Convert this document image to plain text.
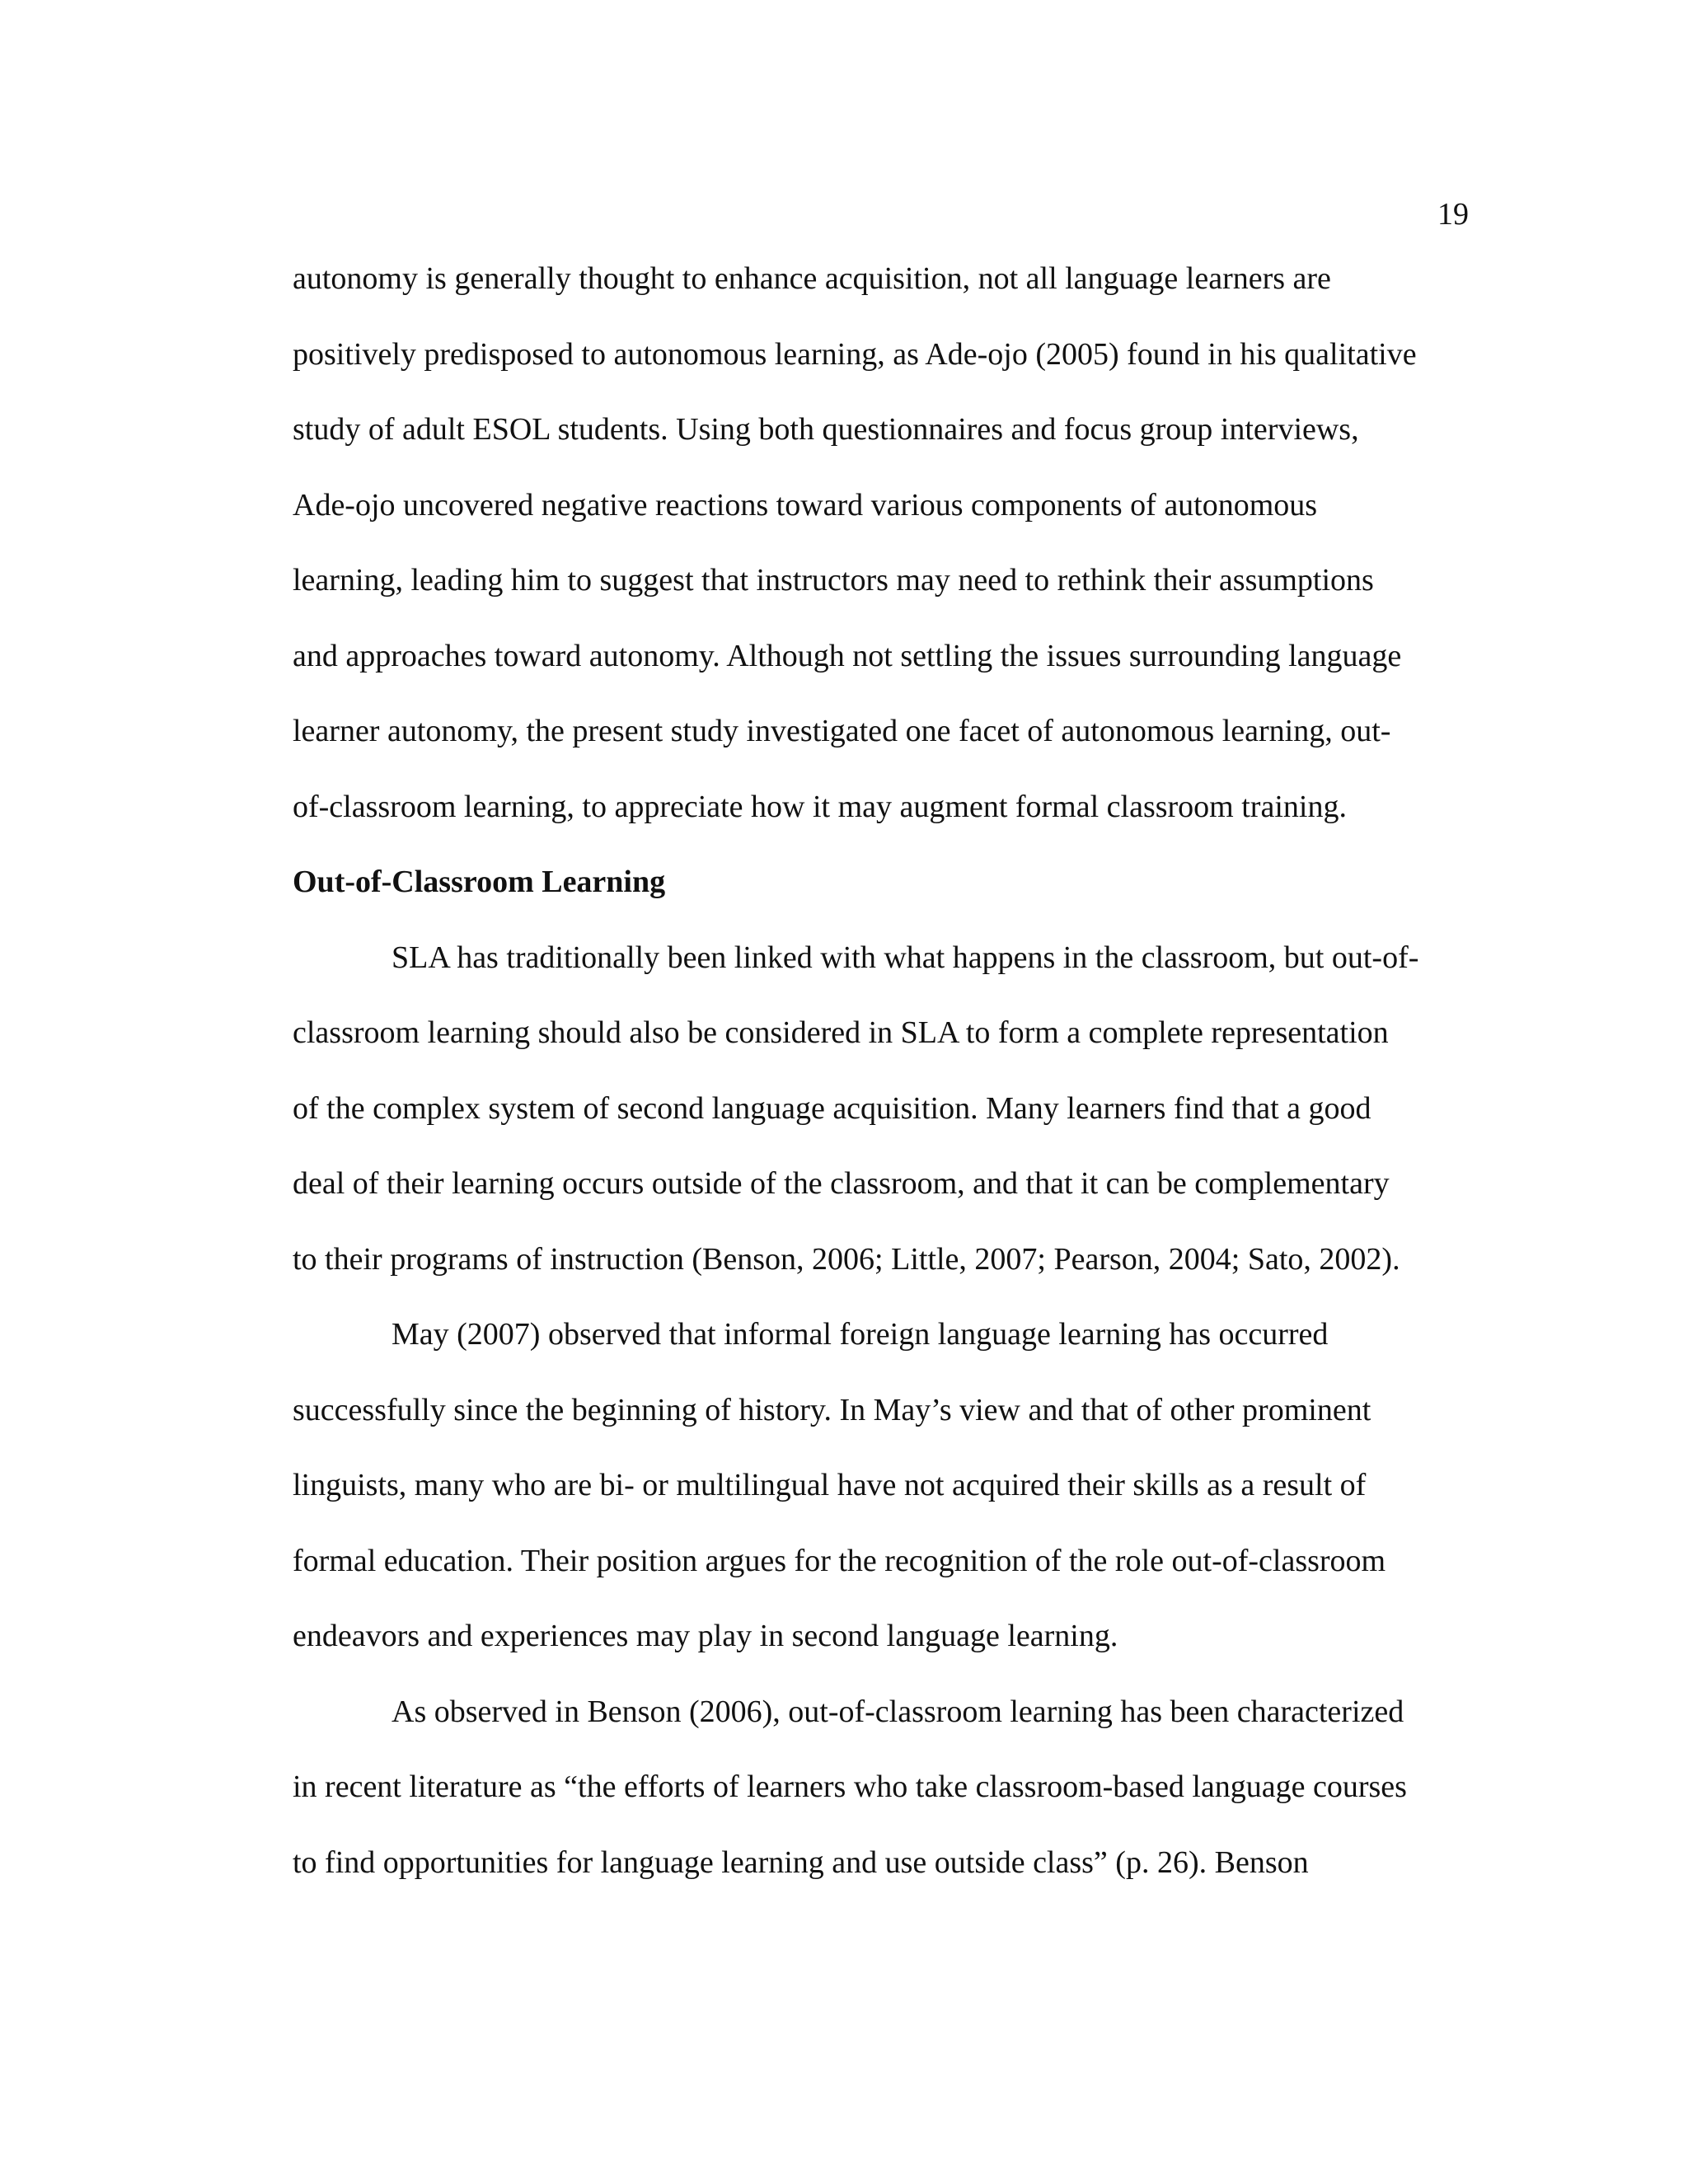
19
autonomy is generally thought to enhance acquisition, not all language learners are
positively predisposed to autonomous learning, as Ade-ojo (2005) found in his qualitative
study of adult ESOL students. Using both questionnaires and focus group interviews,
Ade-ojo uncovered negative reactions toward various components of autonomous
learning, leading him to suggest that instructors may need to rethink their assumptions
and approaches toward autonomy. Although not settling the issues surrounding language
learner autonomy, the present study investigated one facet of autonomous learning, out-
of-classroom learning, to appreciate how it may augment formal classroom training.
Out-of-Classroom Learning
SLA has traditionally been linked with what happens in the classroom, but out-of-
classroom learning should also be considered in SLA to form a complete representation
of the complex system of second language acquisition. Many learners find that a good
deal of their learning occurs outside of the classroom, and that it can be complementary
to their programs of instruction (Benson, 2006; Little, 2007; Pearson, 2004; Sato, 2002).
May (2007) observed that informal foreign language learning has occurred
successfully since the beginning of history. In May’s view and that of other prominent
linguists, many who are bi- or multilingual have not acquired their skills as a result of
formal education. Their position argues for the recognition of the role out-of-classroom
endeavors and experiences may play in second language learning.
As observed in Benson (2006), out-of-classroom learning has been characterized
in recent literature as “the efforts of learners who take classroom-based language courses
to find opportunities for language learning and use outside class” (p. 26). Benson
